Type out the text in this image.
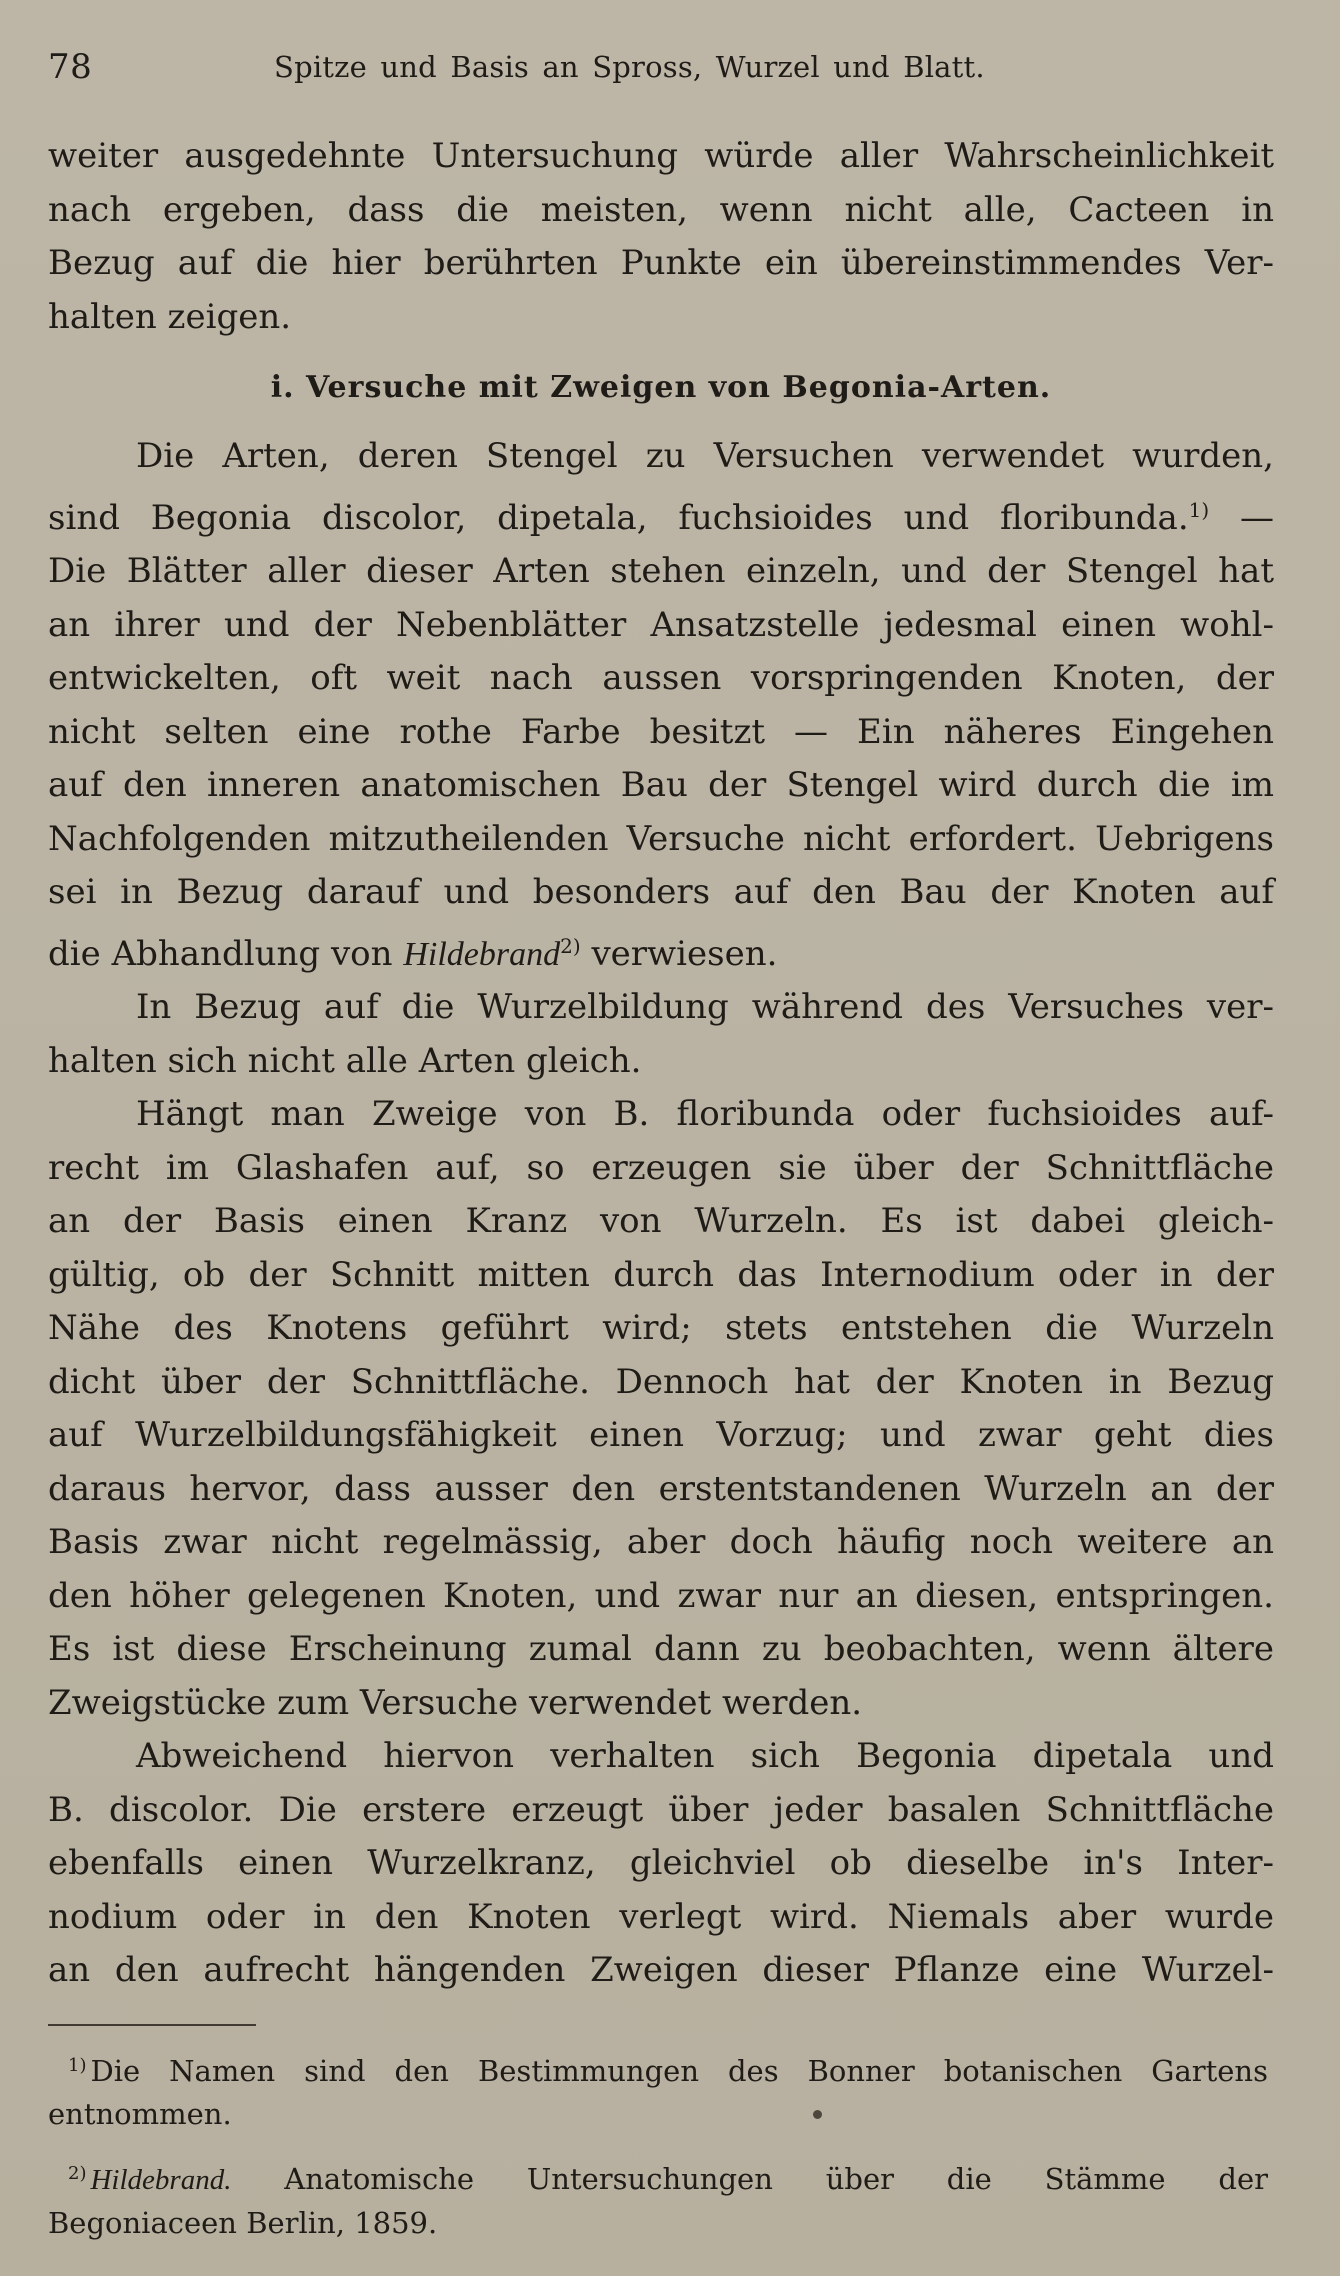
78	Spitze und Basis an Spross, Wurzel und Blatt.
weiter ausgedehnte Untersuchung würde aller Wahrscheinlichkeit
nach ergeben, dass die meisten, wenn nicht alle, Cacteen in
Bezug auf die hier berührten Punkte ein übereinstimmendes Ver-
halten zeigen.
i. Versuche mit Zweigen von Begonia-Arten.
Die Arten, deren Stengel zu Versuchen verwendet wurden,
sind Begonia discolor, dipetala, fuchsioides und floribunda.$^{1)}$ —
Die Blätter aller dieser Arten stehen einzeln, und der Stengel hat
an ihrer und der Nebenblätter Ansatzstelle jedesmal einen wohl-
entwickelten, oft weit nach aussen vorspringenden Knoten, der
nicht selten eine rothe Farbe besitzt — Ein näheres Eingehen
auf den inneren anatomischen Bau der Stengel wird durch die im
Nachfolgenden mitzutheilenden Versuche nicht erfordert. Uebrigens
sei in Bezug darauf und besonders auf den Bau der Knoten auf
die Abhandlung von Hildebrand$^{2)}$ verwiesen.
In Bezug auf die Wurzelbildung während des Versuches ver-
halten sich nicht alle Arten gleich.
Hängt man Zweige von B. floribunda oder fuchsioides auf-
recht im Glashafen auf, so erzeugen sie über der Schnittfläche
an der Basis einen Kranz von Wurzeln. Es ist dabei gleich-
gültig, ob der Schnitt mitten durch das Internodium oder in der
Nähe des Knotens geführt wird; stets entstehen die Wurzeln
dicht über der Schnittfläche. Dennoch hat der Knoten in Bezug
auf Wurzelbildungsfähigkeit einen Vorzug; und zwar geht dies
daraus hervor, dass ausser den erstentstandenen Wurzeln an der
Basis zwar nicht regelmässig, aber doch häufig noch weitere an
den höher gelegenen Knoten, und zwar nur an diesen, entspringen.
Es ist diese Erscheinung zumal dann zu beobachten, wenn ältere
Zweigstücke zum Versuche verwendet werden.
Abweichend hiervon verhalten sich Begonia dipetala und
B. discolor. Die erstere erzeugt über jeder basalen Schnittfläche
ebenfalls einen Wurzelkranz, gleichviel ob dieselbe in's Inter-
nodium oder in den Knoten verlegt wird. Niemals aber wurde
an den aufrecht hängenden Zweigen dieser Pflanze eine Wurzel-
$^{1)}$ Die Namen sind den Bestimmungen des Bonner botanischen Gartens
entnommen.
$^{2)}$ Hildebrand. Anatomische Untersuchungen über die Stämme der
Begoniaceen Berlin, 1859.
